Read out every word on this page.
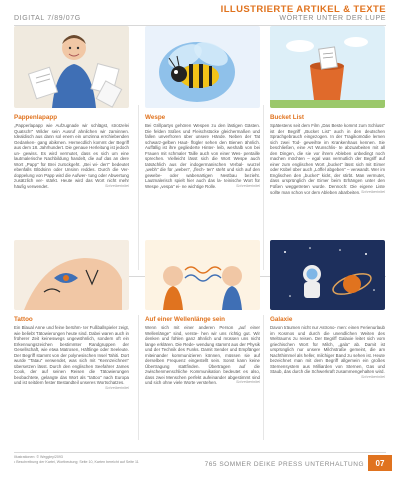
DIGITAL 7/89/07G
ILLUSTRIERTE ARTIKEL & TEXTE
WÖRTER UNTER DER LUPE
Pappenlapapp

„Papperlapapp wie Aufzugnade wir schlägst, strotzelei Quatsch!" Wilder sein Ausruf ahnlichen wir zaminnen. Idealdisch aus dann sol enem ein umzinna errchiebenden Gedanken- gang abikmen. Hernecdlich kommt der Begriff aus dem 18. Jahrhundert. Die genaue Herleitung ist jedoch un- gewiss. Es wird vermutet, dass es sich um eine lautmalerische Nachbildung handelt, die auf das an dere Wort „Papp" für Brei zurückgeht. „Bei wi- derr" bedeutet ebenfalls Blödsinn oder Unsinn reddes. Durch die Ver- doppelung von Papp wird die Aufwer- tung oder Abwertung zusätzlich ver- stärkt. Heute wird das Wort nicht mehr häufig verwendet.	Schreiberinitel

Wespe

Bei Grillpartys gehören Wespen zu den lästigen Gästen. Die felden Süßes und Fleischstücke gleichermaßen und fallen unverfroren über unsere Hände. Neben der Tat schwarz-gelben Haut- flügler sehen den Bienen ähnlich. Auffällig ist ihre gegliederte Hinter- leib, weshalb von bei Frauen mit schmaler Taille auch von einer Wes- pentaille sprechen. Vielleicht lässt sich die Wort Wespe auch tatsächlich aus der indogermanischen Verbal- wurzel „webh" die für „weben", „flech- ten" steht und sich auf den gewebe- oder wabenartigen Nestbau bezieht. Lautmalerisch spielt hier auch das la- teinische Wort für Wespe „vespa" ei- ne wichtige Rolle.	Schreiberinitel

Bucket List

Spätestens seit dem Film „Das Beste kommt zum Schluss" ist der Begriff „Bucket List" auch in den deutschen Sprachgebrauch eingezogen. In der Tragikomödie lernen sich zwei Tod- geweihte im Krankenhaus kennen. Sie beschließen, eine Art Wunschlis- te abzuarbeiten mit all den Dingen, die sie vor ihrem Ableben unbedingt noch machen möchten – egal was vermutlich der Begriff auf einer zum englischen Wort „bucket" lässt sich mit Eimer oder Kübel über auch „Löffel abgeben" – verwandt. Wer im Englischen den „bucket" kickt, der stirbt. Man vermutet, dass ursprünglich der Eimer beim Erhängen unter den Füßen weggetreten wurde. Dennoch: Die eigene Liste sollte man schon vor dem Ableben abarbeiten. Schreiberinitel

Tattoo

Ein Blaual Anne und feine berühm- ter Fußballspieler zeigt, wie beliebt Tätowierungen heute sind. Dabei waren auch in früherer Zeit keineswegs ungewöhnlich, sondern oft ein Erkennungszeichen bestimmter Randgruppen der Gesellschaft, wie etwa Matrosen, Häftlinge oder Seeleute. Der Begriff stammt von der polynesischen Insel Tahiti. Dort wurde "Tatau" verwendet, was sich mit "Kennzeichnen" übersetzen lässt. Durch den englischen Seefahrer James Cook, der auf seinen Reisen die Tätowierungen beobachtete, gelangte das Wort als "tattoo" nach Europa und ist seitdem fester Bestandteil unseres Wortschatzes.
Schreiberinitel

Auf einer Wellenlänge sein

Wenn sich mit einer anderen Person „auf einer Wellenlänge" sind, verste- hen wir uns richtig gut. Wir denken und fühlen ganz ähnlich und müssen uns nicht lange erklären. Die Rede- wendung stammt aus der Physik und der Technik des Funks. Damit Sender und Empfänger miteinander kommunizieren können, müssen sie auf derselben Frequenz eingestellt sein. Sonst kann keine Übertragung stattfinden. Übertragen auf die zwischenmenschliche Kommunikation bedeutet es also, dass zwei Menschen perfekt aufeinander abgestimmt sind und sich ohne viele Worte verstehen.	Schreiberinitel

Galaxie

Davon träumen nicht nur Astrono- men: einen Ferienurlaub im Kosmos und durch die unendlichen Weiten des Weltraums zu reisen. Der Begriff Galaxie leitet sich vom griechischen Wort für Milch, „gala" ab. Damit ist ursprünglich nur unsere Milchstraße gemeint, die am Nachthimmel als heller, milchiger Band zu sehen ist. Heute bezeichnet man mit dem Begriff allgemein ein großes Sternensystem aus Milliarden von Sternen, Gas und Staub, das durch die Schwerkraft zusammengehalten wird.
Schreiberinitel

Illustrationen: © Weggley/2093
• Beschreibung der Kartei, Wortbeutung; Seite 10, Karten bereicht auf Seite 11	765 SOMMER DEIKE PRESS UNTERHALTUNG	07
